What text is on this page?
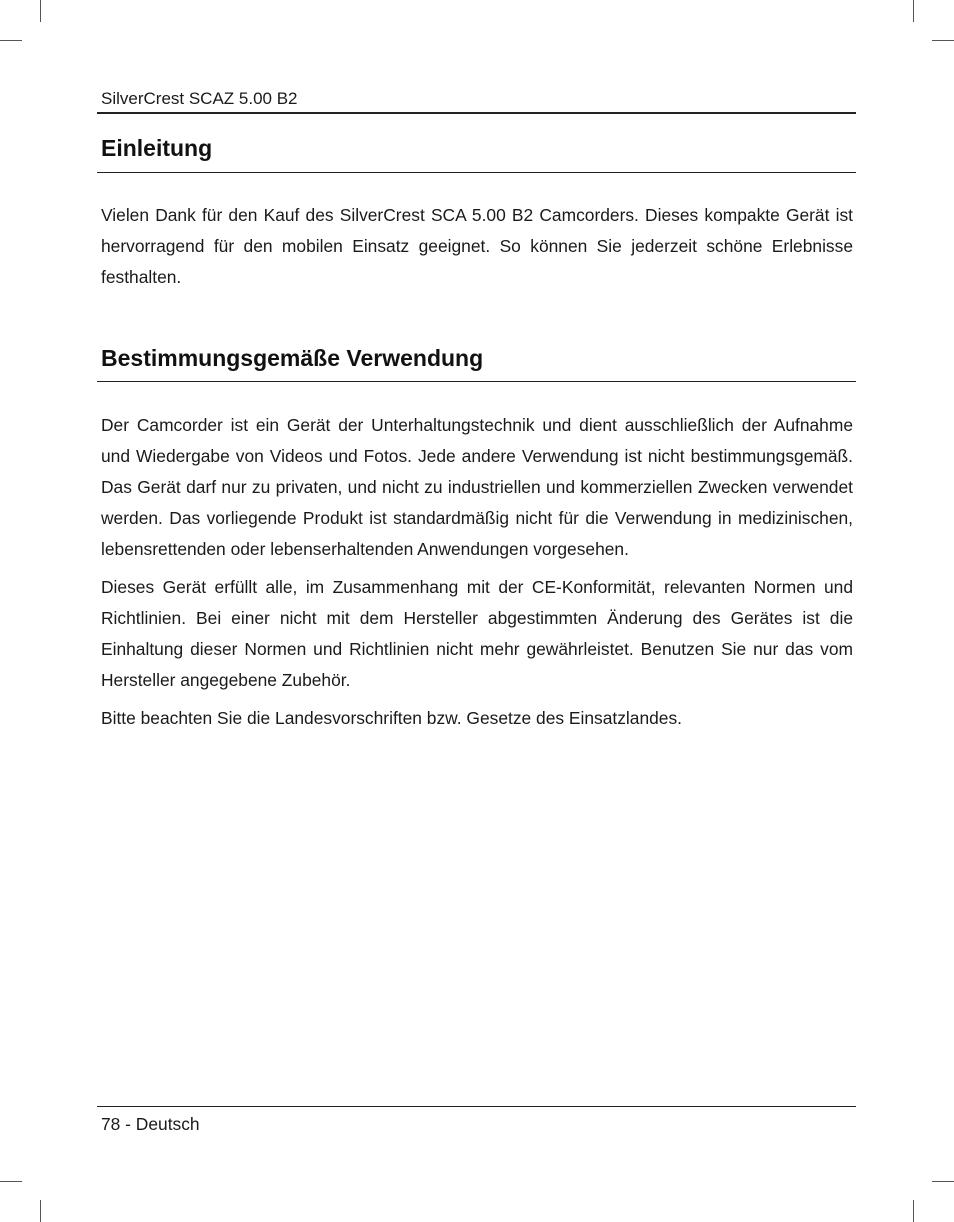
SilverCrest SCAZ 5.00 B2
Einleitung

Vielen Dank für den Kauf des SilverCrest SCA 5.00 B2 Camcorders. Dieses kompakte Gerät ist hervorragend für den mobilen Einsatz geeignet. So können Sie jederzeit schöne Erlebnisse festhalten.

Bestimmungsgemäße Verwendung

Der Camcorder ist ein Gerät der Unterhaltungstechnik und dient ausschließlich der Aufnahme und Wiedergabe von Videos und Fotos. Jede andere Verwendung ist nicht bestimmungsgemäß. Das Gerät darf nur zu privaten, und nicht zu industriellen und kommerziellen Zwecken verwendet werden. Das vorliegende Produkt ist standardmäßig nicht für die Verwendung in medizinischen, lebensrettenden oder lebenserhaltenden Anwendungen vorgesehen.

Dieses Gerät erfüllt alle, im Zusammenhang mit der CE-Konformität, relevanten Normen und Richtlinien. Bei einer nicht mit dem Hersteller abgestimmten Änderung des Gerätes ist die Einhaltung dieser Normen und Richtlinien nicht mehr gewährleistet. Benutzen Sie nur das vom Hersteller angegebene Zubehör.

Bitte beachten Sie die Landesvorschriften bzw. Gesetze des Einsatzlandes.

78 - Deutsch
